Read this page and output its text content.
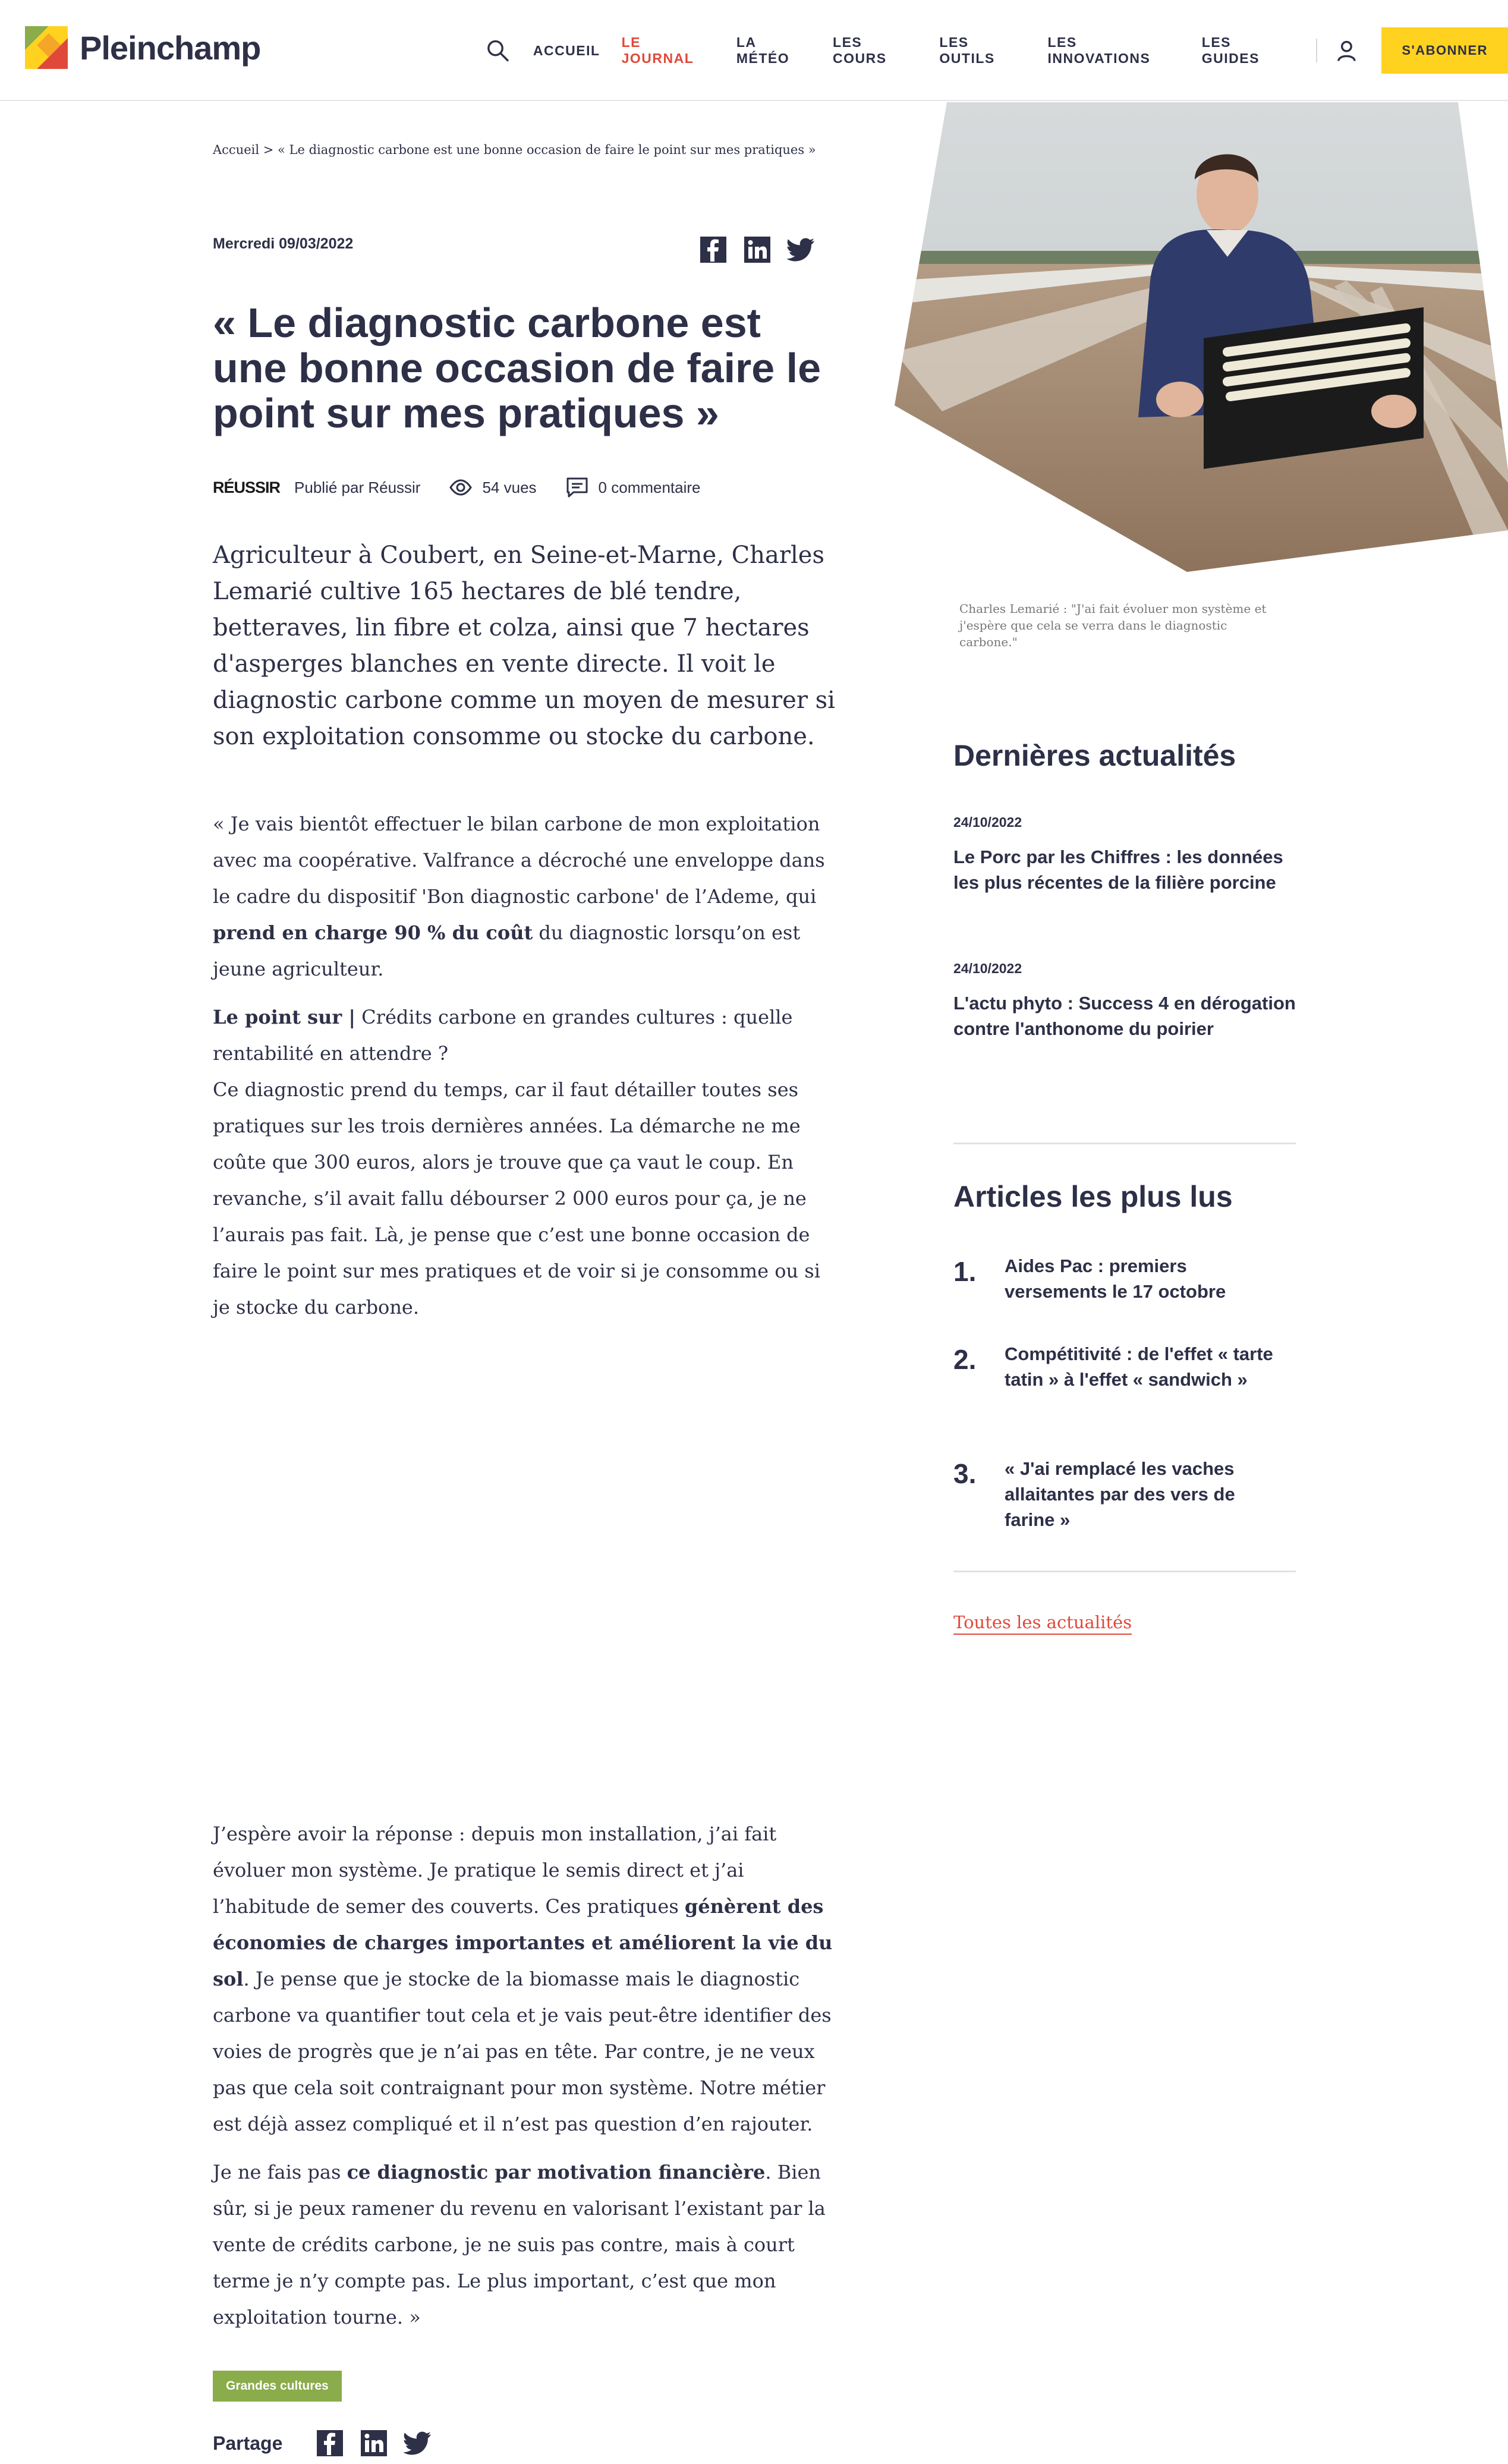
Pleinchamp	ACCUEIL
LE JOURNAL
LA MÉTÉO
LES COURS
LES OUTILS
LES INNOVATIONS
LES GUIDES
S'ABONNER
Accueil > « Le diagnostic carbone est une bonne occasion de faire le point sur mes pratiques »
Mercredi 09/03/2022
« Le diagnostic carbone est une bonne occasion de faire le point sur mes pratiques »
RÉUSSIR Publié par Réussir	54 vues	0 commentaire
Agriculteur à Coubert, en Seine-et-Marne, Charles Lemarié cultive 165 hectares de blé tendre, betteraves, lin fibre et colza, ainsi que 7 hectares d'asperges blanches en vente directe. Il voit le diagnostic carbone comme un moyen de mesurer si son exploitation consomme ou stocke du carbone.

« Je vais bientôt effectuer le bilan carbone de mon exploitation avec ma coopérative. Valfrance a décroché une enveloppe dans le cadre du dispositif 'Bon diagnostic carbone' de l’Ademe, qui prend en charge 90 % du coût du diagnostic lorsqu’on est jeune agriculteur.

Le point sur | Crédits carbone en grandes cultures : quelle rentabilité en attendre ?
Ce diagnostic prend du temps, car il faut détailler toutes ses pratiques sur les trois dernières années. La démarche ne me coûte que 300 euros, alors je trouve que ça vaut le coup. En revanche, s’il avait fallu débourser 2 000 euros pour ça, je ne l’aurais pas fait. Là, je pense que c’est une bonne occasion de faire le point sur mes pratiques et de voir si je consomme ou si je stocke du carbone.

J’espère avoir la réponse : depuis mon installation, j’ai fait évoluer mon système. Je pratique le semis direct et j’ai l’habitude de semer des couverts. Ces pratiques génèrent des économies de charges importantes et améliorent la vie du sol. Je pense que je stocke de la biomasse mais le diagnostic carbone va quantifier tout cela et je vais peut-être identifier des voies de progrès que je n’ai pas en tête. Par contre, je ne veux pas que cela soit contraignant pour mon système. Notre métier est déjà assez compliqué et il n’est pas question d’en rajouter.

Je ne fais pas ce diagnostic par motivation financière. Bien sûr, si je peux ramener du revenu en valorisant l’existant par la vente de crédits carbone, je ne suis pas contre, mais à court terme je n’y compte pas. Le plus important, c’est que mon exploitation tourne. »

Grandes cultures
Partage
Charles Lemarié : "J'ai fait évoluer mon système et j'espère que cela se verra dans le diagnostic carbone."
Dernières actualités
24/10/2022
Le Porc par les Chiffres : les données les plus récentes de la filière porcine
24/10/2022
L'actu phyto : Success 4 en dérogation contre l'anthonome du poirier
Articles les plus lus
1. Aides Pac : premiers versements le 17 octobre
2. Compétitivité : de l'effet « tarte tatin » à l'effet « sandwich »
3. « J'ai remplacé les vaches allaitantes par des vers de farine »
Toutes les actualités
